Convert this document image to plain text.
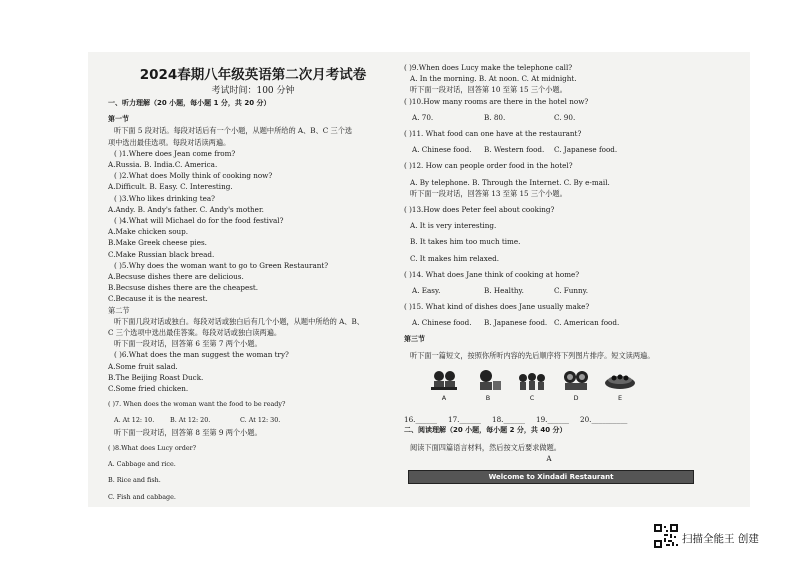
2024春期八年级英语第二次月考试卷
考试时间：100 分钟
一、听力理解（20 小题，每小题 1 分，共 20 分）
第一节
听下面 5 段对话。每段对话后有一个小题，从题中所给的 A、B、C 三个选
项中选出最佳选项。每段对话读两遍。
( )1.Where does Jean come from?
A.Russia. B. India.C. America.
( )2.What does Molly think of cooking now?
A.Difficult. B. Easy. C. Interesting.
( )3.Who likes drinking tea?
A.Andy. B. Andy's father. C. Andy's mother.
( )4.What will Michael do for the food festival?
A.Make chicken soup.
B.Make Greek cheese pies.
C.Make Russian black bread.
( )5.Why does the woman want to go to Green Restaurant?
A.Becsuse dishes there are delicious.
B.Becsuse dishes there are the cheapest.
C.Because it is the nearest.
第二节
听下面几段对话或独白。每段对话或独白后有几个小题，从题中所给的 A、B、
C 三个选项中选出最佳答案。每段对话或独白读两遍。
听下面一段对话，回答第 6 至第 7 两个小题。
( )6.What does the man suggest the woman try?
A.Some fruit salad.
B.The Beijing Roast Duck.
C.Some fried chicken.
( )7. When does the woman want the food to be ready?
A. At 12: 10. B. At 12: 20.	C. At 12: 30.
听下面一段对话，回答第 8 至第 9 两个小题。
( )8.What does Lucy order?
A. Cabbage and rice.
B. Rice and fish.
C. Fish and cabbage.
( )9.When does Lucy make the telephone call?
A. In the morning. B. At noon. C. At midnight.
听下面一段对话，回答第 10 至第 15 三个小题。
( )10.How many rooms are there in the hotel now?
A. 70.	B. 80.	C. 90.
( )11. What food can one have at the restaurant?
A. Chinese food. B. Western food. C. Japanese food.
( )12. How can people order food in the hotel?
A. By telephone. B. Through the Internet. C. By e-mail.
听下面一段对话，回答第 13 至第 15 三个小题。
( )13.How does Peter feel about cooking?
A. It is very interesting.
B. It takes him too much time.
C. It makes him relaxed.
( )14. What does Jane think of cooking at home?
A. Easy.	B. Healthy.	C. Funny.
( )15. What kind of dishes does Jane usually make?
A. Chinese food. B. Japanese food. C. American food.
第三节
听下面一篇短文，按照你所听内容的先后顺序将下列图片排序。短文读两遍。
A	B	C	D	E
16.______ 17.______ 18.______ 19.______ 20.__________
二、阅读理解（20 小题，每小题 2 分，共 40 分）
阅读下面四篇语言材料，然后按文后要求做题。
A
Welcome to Xindadi Restaurant
扫描全能王 创建
